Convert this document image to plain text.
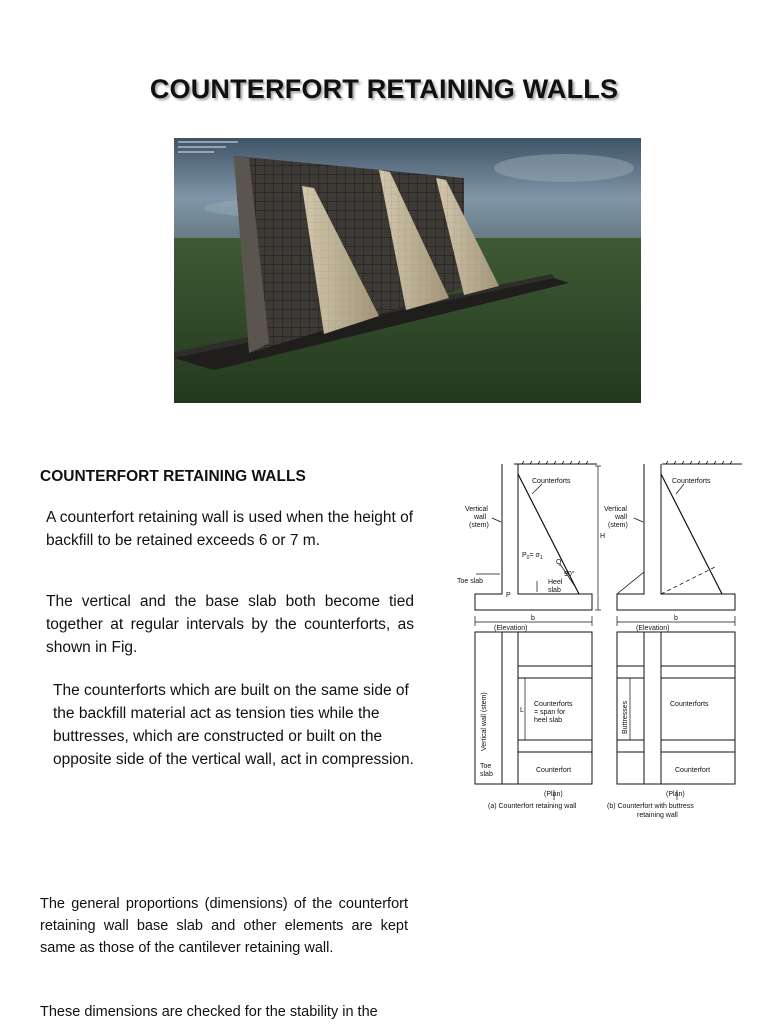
COUNTERFORT RETAINING WALLS
COUNTERFORT RETAINING WALLS

A counterfort retaining wall is used when the height of backfill to be retained exceeds 6 or 7 m.

The vertical and the base slab both become tied together at regular intervals by the counterforts, as shown in Fig.

The counterforts which are built on the same side of the backfill material act as tension ties while the buttresses, which are constructed or built on the opposite side of the vertical wall, act in compression.

The general proportions (dimensions) of the counterfort retaining wall base slab and other elements are kept same as those of the cantilever retaining wall.

These dimensions are checked for the stability in the

Counterforts
Vertical
wall
(stem)
$P_0= \sigma_1$
Q
90°
Heel
slab
Toe slab
P
H
b
(Elevation)
Counterforts
Vertical
wall
(stem)
b
(Elevation)
Vertical wall (stem)	L
Counterforts
= span for
heel slab
Toe
slab
Counterfort
(Plan)
(a) Counterfort retaining wall
Buttresses	Counterforts
Counterfort
(Plan)
(b) Counterfort with buttress
retaining wall
